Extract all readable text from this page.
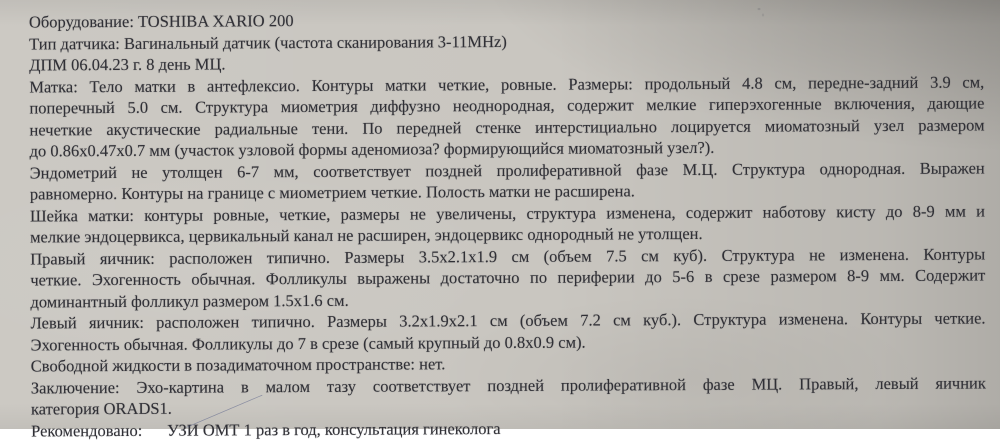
Оборудование: TOSHIBA XARIO 200
Тип датчика: Вагинальный датчик (частота сканирования 3-11MHz)
ДПМ 06.04.23 г. 8 день МЦ.
Матка: Тело матки в антефлексио. Контуры матки четкие, ровные. Размеры: продольный 4.8 см, передне-задний 3.9 см,
поперечный 5.0 см. Структура миометрия диффузно неоднородная, содержит мелкие гиперэхогенные включения, дающие
нечеткие акустические радиальные тени. По передней стенке интерстициально лоцируется миоматозный узел размером
до 0.86x0.47x0.7 мм (участок узловой формы аденомиоза? формирующийся миоматозный узел?).
Эндометрий не утолщен 6-7 мм, соответствует поздней пролиферативной фазе М.Ц. Структура однородная. Выражен
равномерно. Контуры на границе с миометрием четкие. Полость матки не расширена.
Шейка матки: контуры ровные, четкие, размеры не увеличены, структура изменена, содержит наботову кисту до 8-9 мм и
мелкие эндоцервикса, цервикальный канал не расширен, эндоцервикс однородный не утолщен.
Правый яичник: расположен типично. Размеры 3.5x2.1x1.9 см (объем 7.5 см куб). Структура не изменена. Контуры
четкие. Эхогенность обычная. Фолликулы выражены достаточно по периферии до 5-6 в срезе размером 8-9 мм. Содержит
доминантный фолликул размером 1.5x1.6 см.
Левый яичник: расположен типично. Размеры 3.2x1.9x2.1 см (объем 7.2 см куб.). Структура изменена. Контуры четкие.
Эхогенность обычная. Фолликулы до 7 в срезе (самый крупный до 0.8x0.9 см).
Свободной жидкости в позадиматочном пространстве: нет.
Заключение: Эхо-картина в малом тазу соответствует поздней пролиферативной фазе МЦ. Правый, левый яичник
категория ORADS1.
Рекомендовано:      УЗИ ОМТ 1 раз в год, консультация гинеколога
